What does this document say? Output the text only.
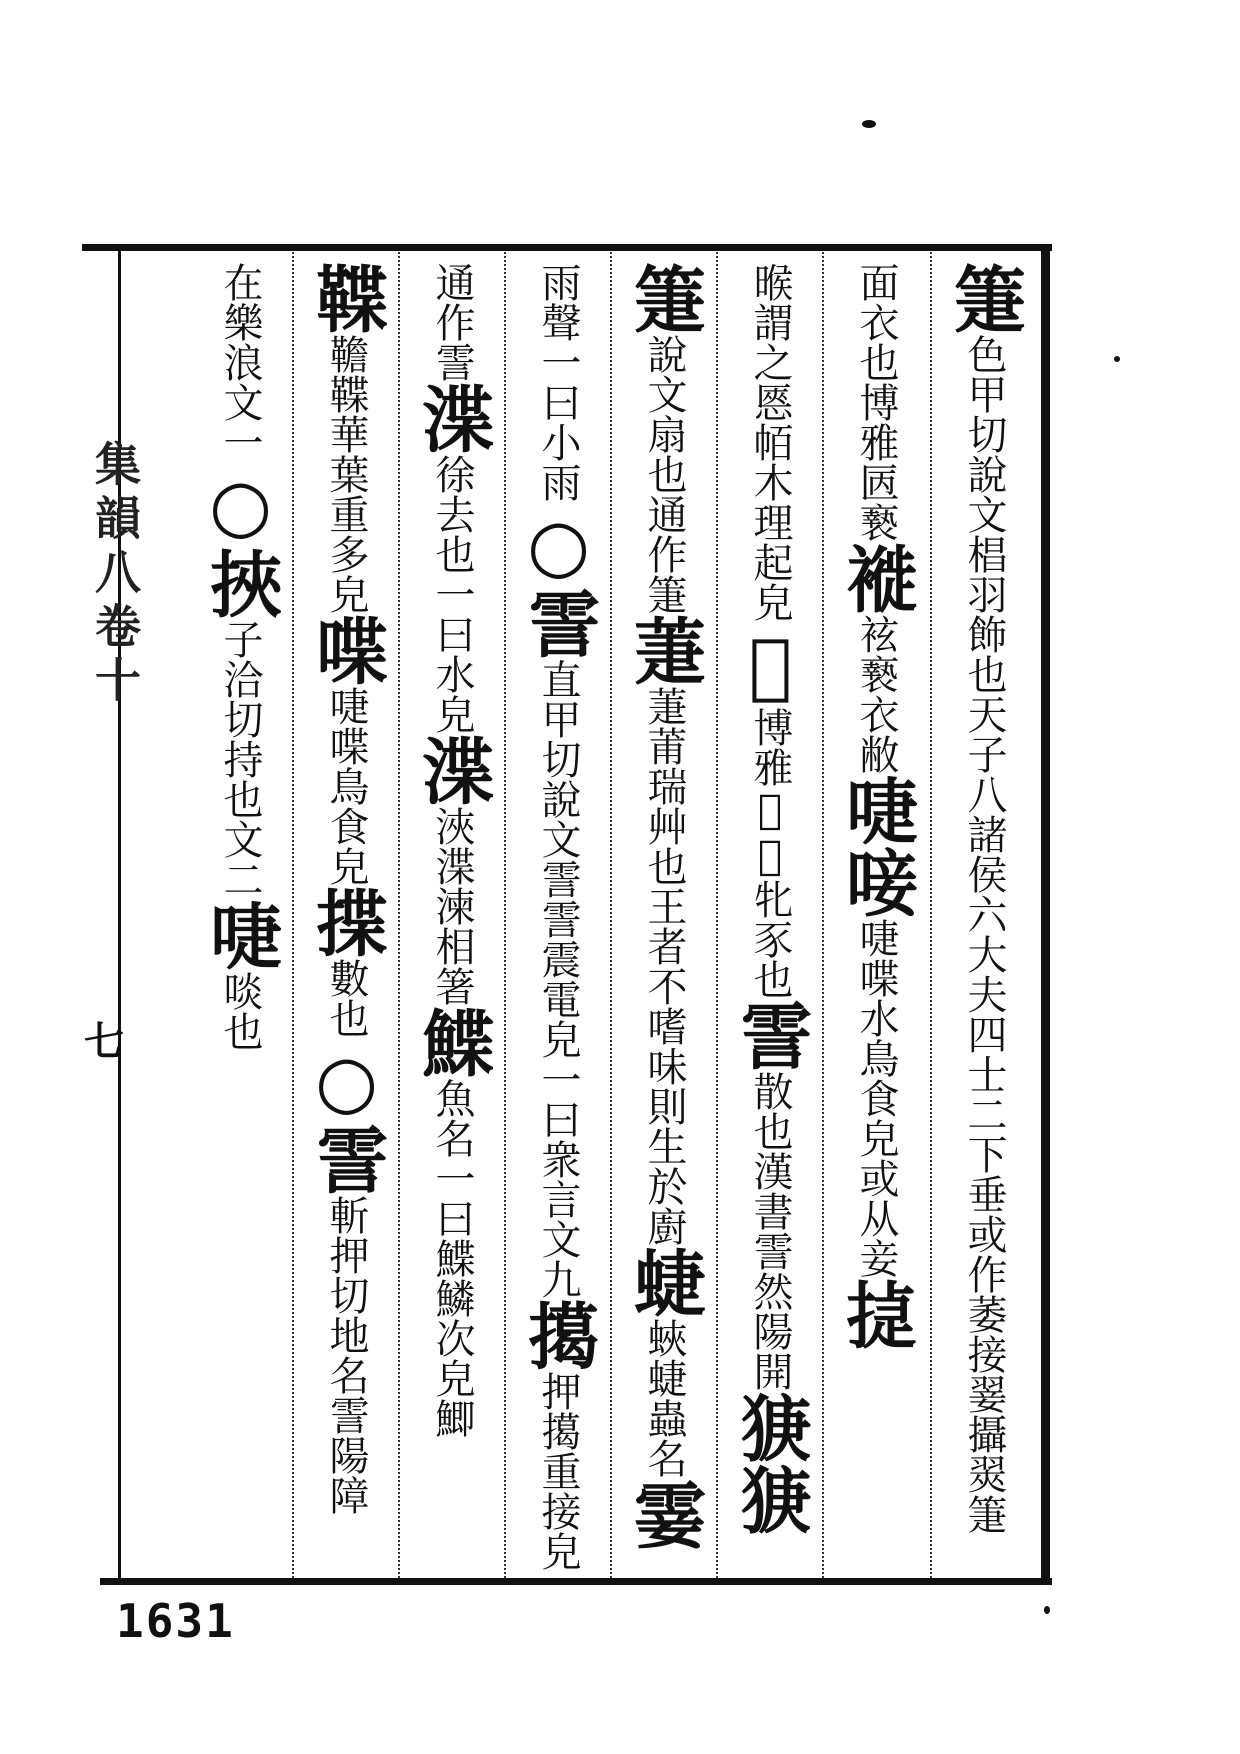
集韻八卷十
七
箑色甲切說文椙羽飾也天子八諸侯六大夫四士二下垂或作萎接翣攝翜箑
面衣也博雅㔷䙝褷袨䙝衣敝啑唼啑喋水鳥食皃或从妾㨗
㬋謂之㥦帞木理起皃𤛓博雅𤛓𤜐牝豕也霅散也漢書霅然陽開㹹㹹
箑說文扇也通作箑萐萐莆瑞艸也王者不嗜味則生於廚蜨蛺蜨蟲名霎
雨聲一曰小雨○霅直甲切說文霅霅震電皃一曰衆言文九擖押擖重接皃
通作霅渫徐去也一曰水皃渫浹渫湅相箸鰈魚名一曰鰈鱗次皃鯽
鞢韂鞢華葉重多皃喋啑喋鳥食皃揲數也○霅斬押切地名霅陽障
在樂浪文一○挾子洽切持也文二啑啖也
1631
